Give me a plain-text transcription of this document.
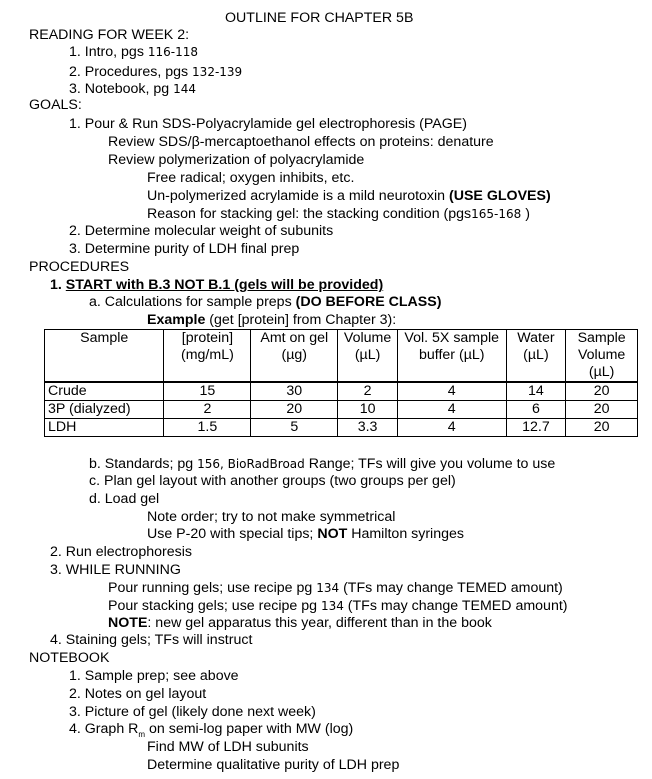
OUTLINE FOR CHAPTER 5B
READING FOR WEEK 2:
1. Intro, pgs 116-118
2. Procedures, pgs 132-139
3. Notebook, pg 144
GOALS:
1. Pour & Run SDS-Polyacrylamide gel electrophoresis (PAGE)
Review SDS/β-mercaptoethanol effects on proteins: denature
Review polymerization of polyacrylamide
Free radical; oxygen inhibits, etc.
Un-polymerized acrylamide is a mild neurotoxin (USE GLOVES)
Reason for stacking gel: the stacking condition (pgs165-168 )
2. Determine molecular weight of subunits
3. Determine purity of LDH final prep
PROCEDURES
1. START with B.3 NOT B.1 (gels will be provided)
a. Calculations for sample preps (DO BEFORE CLASS)
Example (get [protein] from Chapter 3):
Sample	[protein] (mg/mL)	Amt on gel (µg)	Volume (µL)	Vol. 5X sample buffer (µL)	Water (µL)	Sample Volume (µL)
Crude	15	30	2	4	14	20
3P (dialyzed)	2	20	10	4	6	20
LDH	1.5	5	3.3	4	12.7	20
b. Standards; pg 156, BioRadBroad Range; TFs will give you volume to use
c. Plan gel layout with another groups (two groups per gel)
d. Load gel
Note order; try to not make symmetrical
Use P-20 with special tips; NOT Hamilton syringes
2. Run electrophoresis
3. WHILE RUNNING
Pour running gels; use recipe pg 134 (TFs may change TEMED amount)
Pour stacking gels; use recipe pg 134 (TFs may change TEMED amount)
NOTE: new gel apparatus this year, different than in the book
4. Staining gels; TFs will instruct
NOTEBOOK
1. Sample prep; see above
2. Notes on gel layout
3. Picture of gel (likely done next week)
4. Graph $R_m$ on semi-log paper with MW (log)
Find MW of LDH subunits
Determine qualitative purity of LDH prep
